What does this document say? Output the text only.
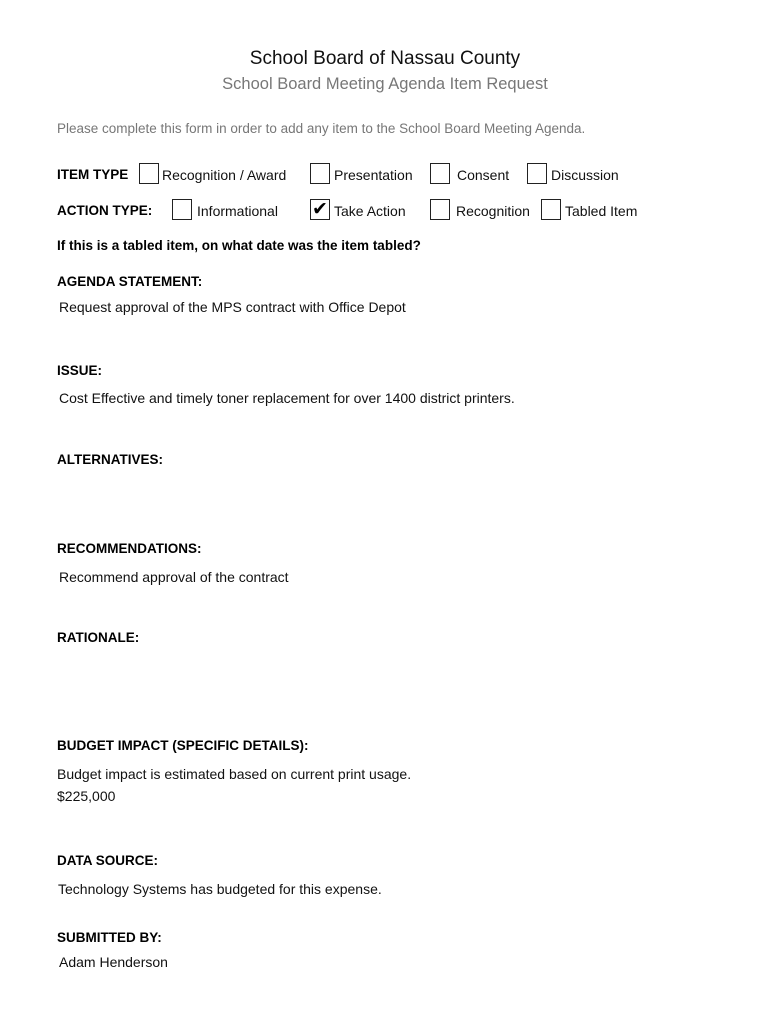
School Board of Nassau County
School Board Meeting Agenda Item Request
Please complete this form in order to add any item to the School Board Meeting Agenda.
ITEM TYPE Recognition / Award	Presentation	Consent	Discussion
ACTION TYPE:	Informational ✔ Take Action	Recognition	Tabled Item
If this is a tabled item, on what date was the item tabled?
AGENDA STATEMENT:
Request approval of the MPS contract with Office Depot
ISSUE:
Cost Effective and timely toner replacement for over 1400 district printers.
ALTERNATIVES:
RECOMMENDATIONS:
Recommend approval of the contract
RATIONALE:
BUDGET IMPACT (SPECIFIC DETAILS):
Budget impact is estimated based on current print usage.
$225,000
DATA SOURCE:
Technology Systems has budgeted for this expense.
SUBMITTED BY:
Adam Henderson
